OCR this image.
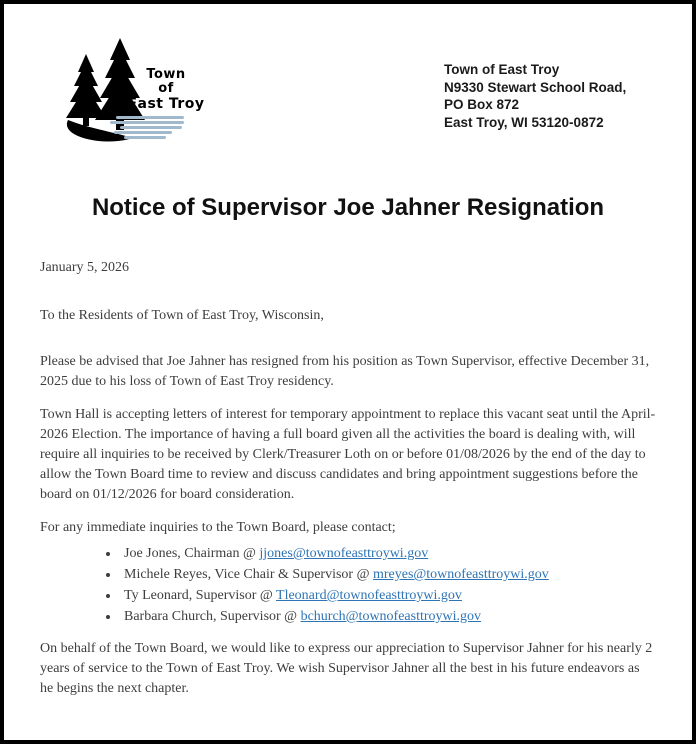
Town
of
East Troy
Town of East Troy
N9330 Stewart School Road,
PO Box 872
East Troy, WI 53120-0872
Notice of Supervisor Joe Jahner Resignation

January 5, 2026

To the Residents of Town of East Troy, Wisconsin,

Please be advised that Joe Jahner has resigned from his position as Town Supervisor, effective December 31, 2025 due to his loss of Town of East Troy residency.

Town Hall is accepting letters of interest for temporary appointment to replace this vacant seat until the April-2026 Election. The importance of having a full board given all the activities the board is dealing with, will require all inquiries to be received by Clerk/Treasurer Loth on or before 01/08/2026 by the end of the day to allow the Town Board time to review and discuss candidates and bring appointment suggestions before the board on 01/12/2026 for board consideration.

For any immediate inquiries to the Town Board, please contact;

• Joe Jones, Chairman @ jjones@townofeasttroywi.gov
• Michele Reyes, Vice Chair & Supervisor @ mreyes@townofeasttroywi.gov
• Ty Leonard, Supervisor @ Tleonard@townofeasttroywi.gov
• Barbara Church, Supervisor @ bchurch@townofeasttroywi.gov

On behalf of the Town Board, we would like to express our appreciation to Supervisor Jahner for his nearly 2 years of service to the Town of East Troy. We wish Supervisor Jahner all the best in his future endeavors as he begins the next chapter.
